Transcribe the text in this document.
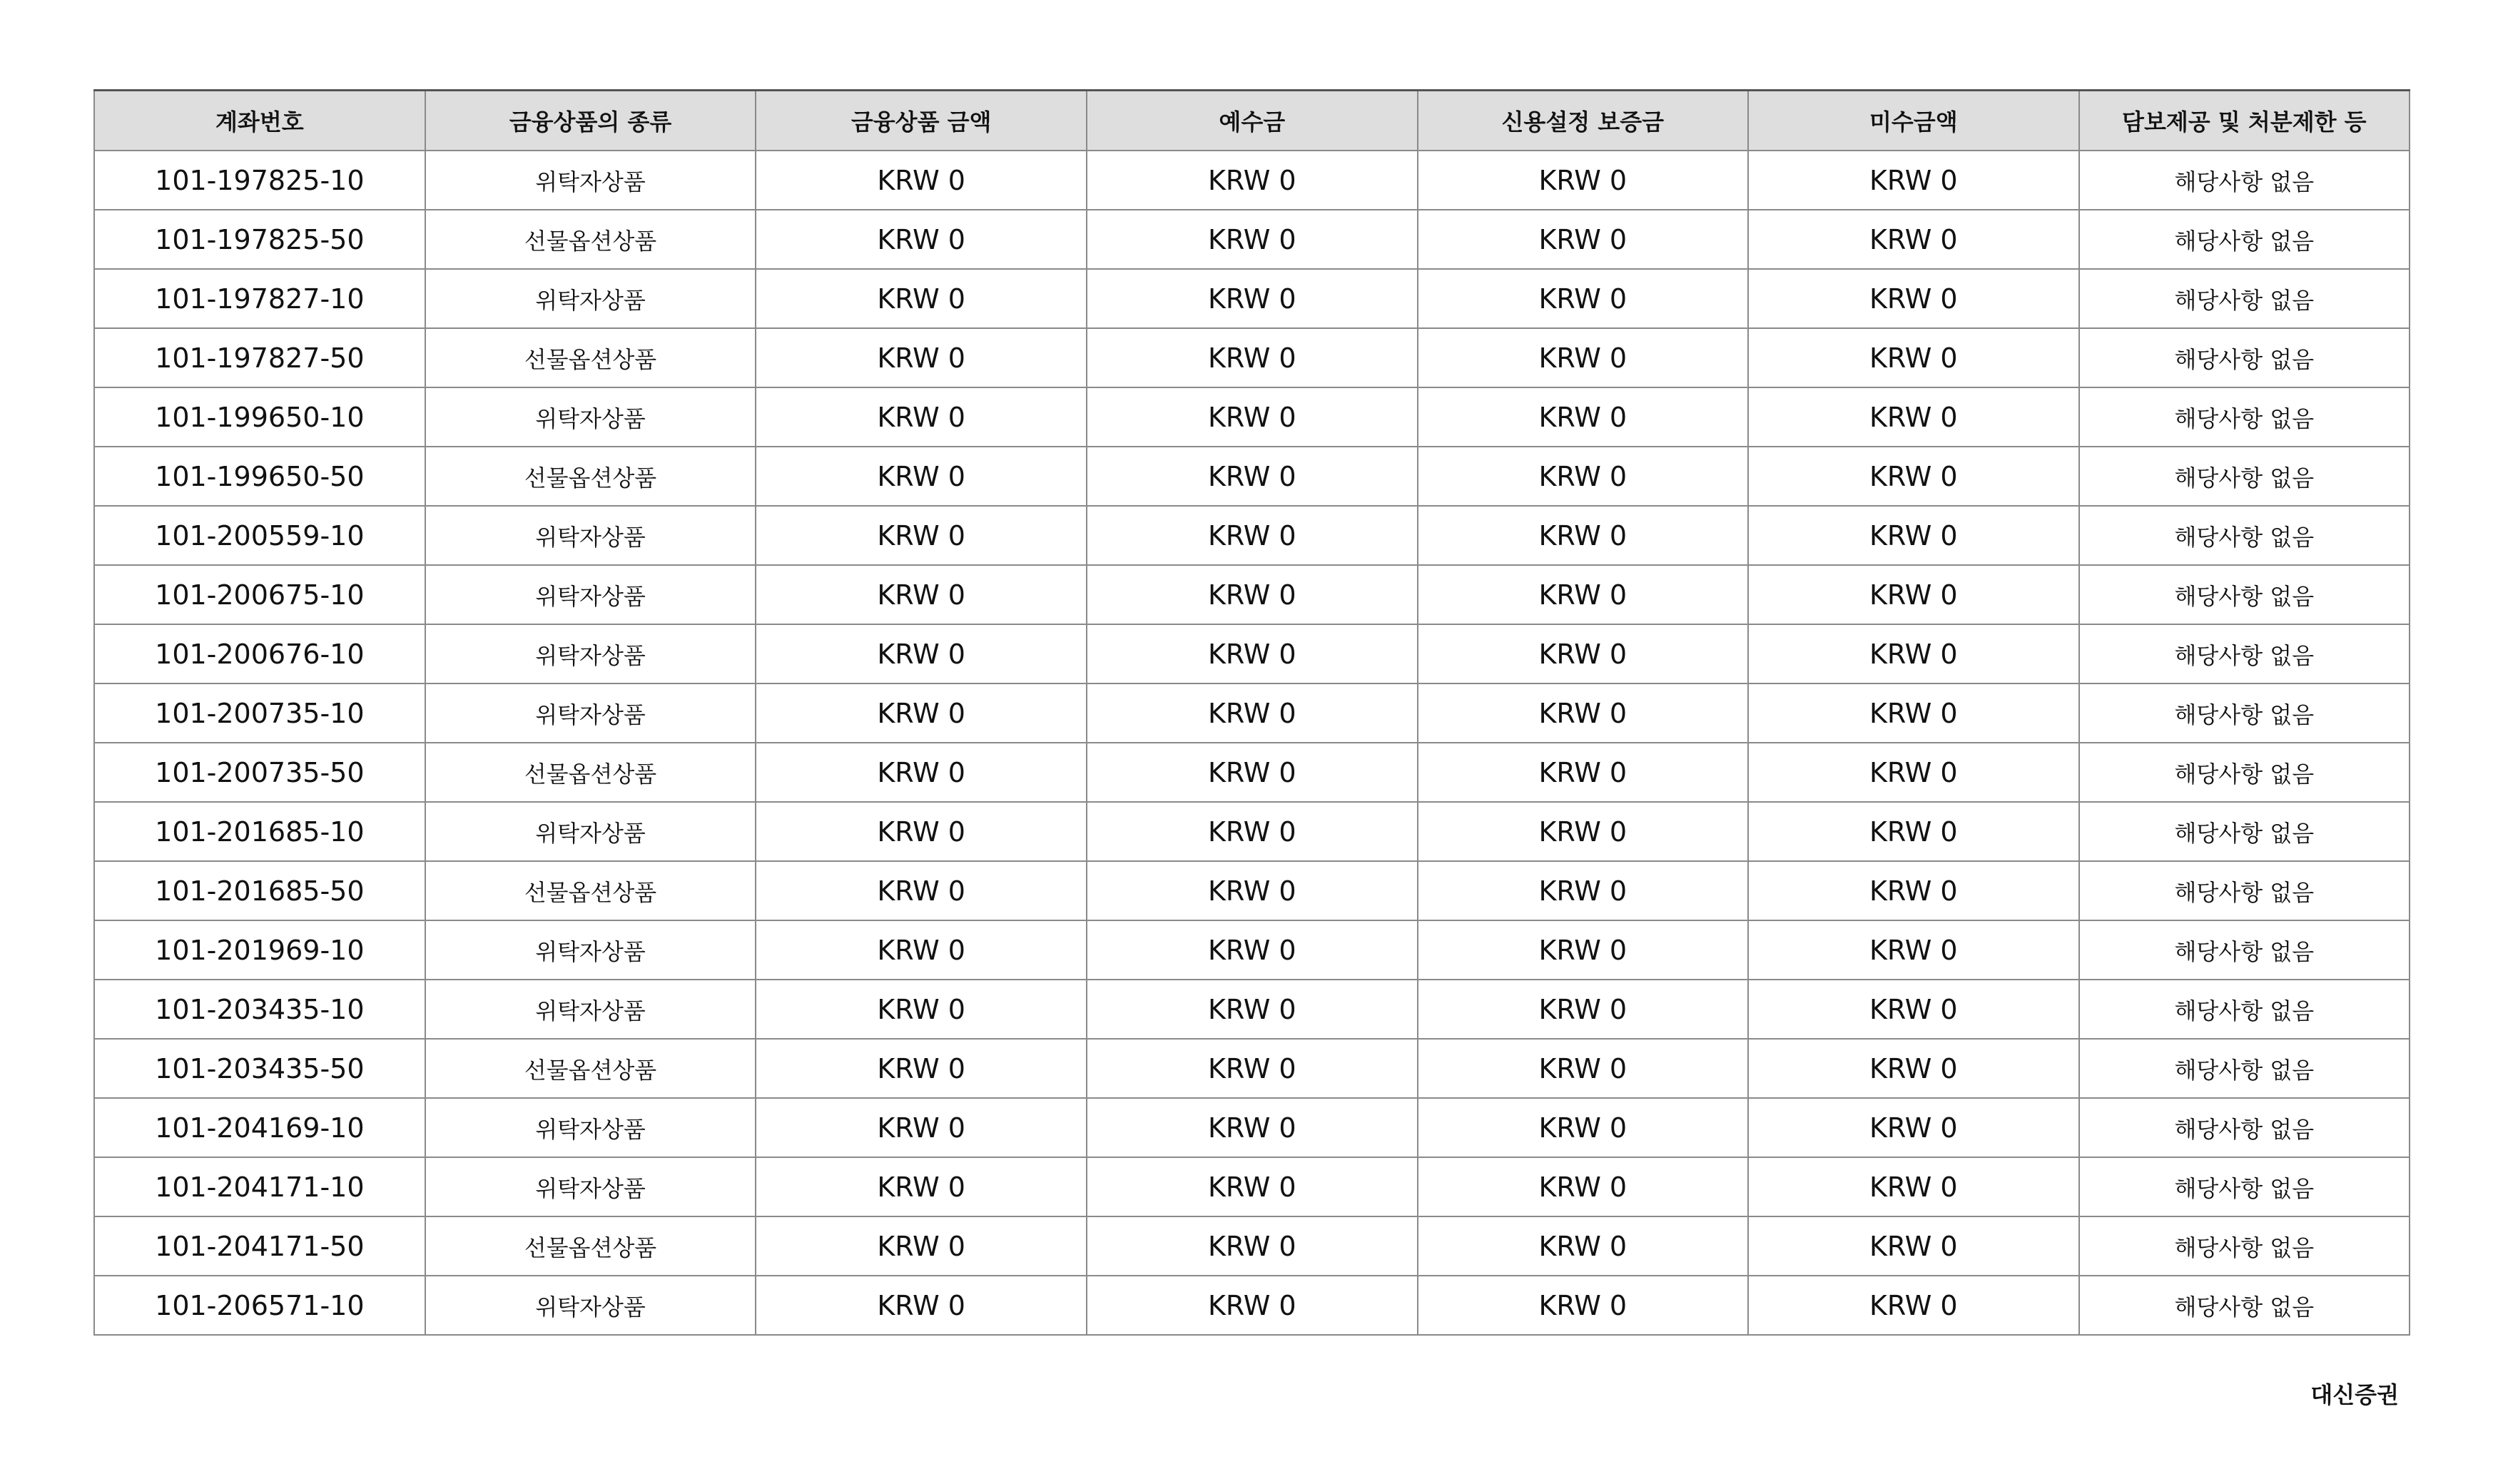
계좌번호	금융상품의 종류	금융상품 금액	예수금	신용설정 보증금	미수금액	담보제공 및 처분제한 등
101-197825-10	위탁자상품	KRW 0	KRW 0	KRW 0	KRW 0	해당사항 없음
101-197825-50	선물옵션상품	KRW 0	KRW 0	KRW 0	KRW 0	해당사항 없음
101-197827-10	위탁자상품	KRW 0	KRW 0	KRW 0	KRW 0	해당사항 없음
101-197827-50	선물옵션상품	KRW 0	KRW 0	KRW 0	KRW 0	해당사항 없음
101-199650-10	위탁자상품	KRW 0	KRW 0	KRW 0	KRW 0	해당사항 없음
101-199650-50	선물옵션상품	KRW 0	KRW 0	KRW 0	KRW 0	해당사항 없음
101-200559-10	위탁자상품	KRW 0	KRW 0	KRW 0	KRW 0	해당사항 없음
101-200675-10	위탁자상품	KRW 0	KRW 0	KRW 0	KRW 0	해당사항 없음
101-200676-10	위탁자상품	KRW 0	KRW 0	KRW 0	KRW 0	해당사항 없음
101-200735-10	위탁자상품	KRW 0	KRW 0	KRW 0	KRW 0	해당사항 없음
101-200735-50	선물옵션상품	KRW 0	KRW 0	KRW 0	KRW 0	해당사항 없음
101-201685-10	위탁자상품	KRW 0	KRW 0	KRW 0	KRW 0	해당사항 없음
101-201685-50	선물옵션상품	KRW 0	KRW 0	KRW 0	KRW 0	해당사항 없음
101-201969-10	위탁자상품	KRW 0	KRW 0	KRW 0	KRW 0	해당사항 없음
101-203435-10	위탁자상품	KRW 0	KRW 0	KRW 0	KRW 0	해당사항 없음
101-203435-50	선물옵션상품	KRW 0	KRW 0	KRW 0	KRW 0	해당사항 없음
101-204169-10	위탁자상품	KRW 0	KRW 0	KRW 0	KRW 0	해당사항 없음
101-204171-10	위탁자상품	KRW 0	KRW 0	KRW 0	KRW 0	해당사항 없음
101-204171-50	선물옵션상품	KRW 0	KRW 0	KRW 0	KRW 0	해당사항 없음
101-206571-10	위탁자상품	KRW 0	KRW 0	KRW 0	KRW 0	해당사항 없음
대신증권
